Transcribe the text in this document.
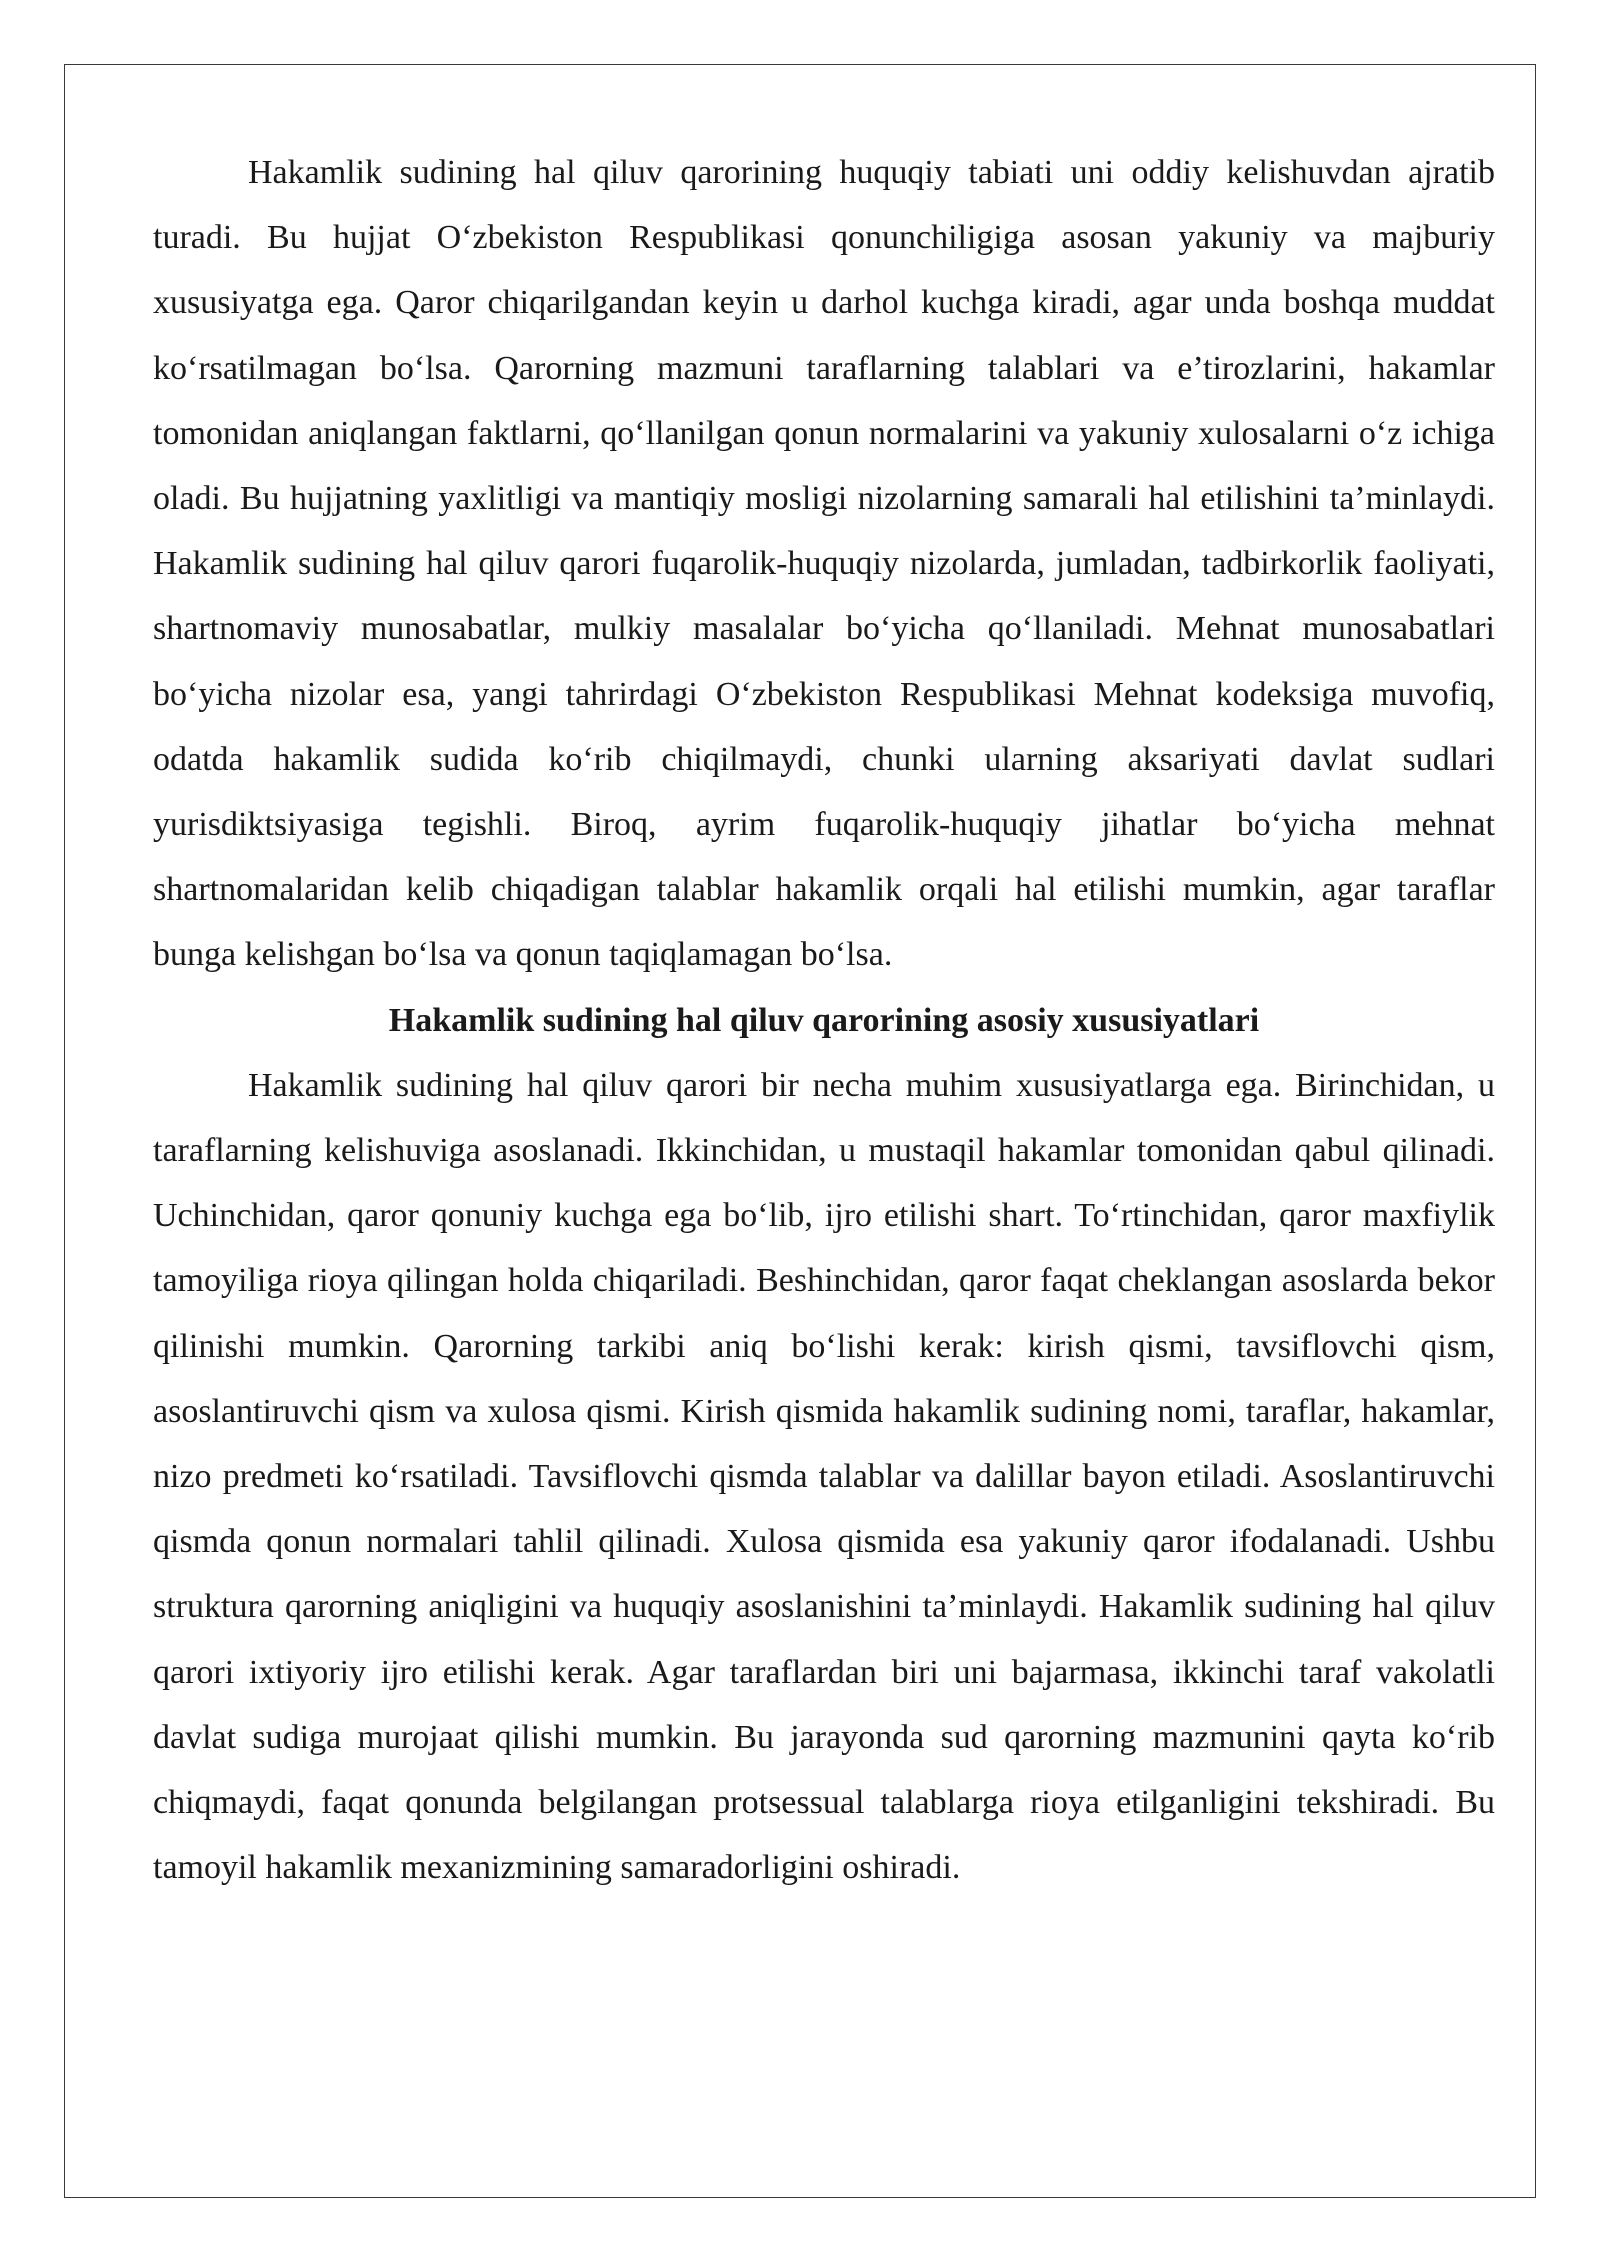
Hakamlik sudining hal qiluv qarorining huquqiy tabiati uni oddiy kelishuvdan ajratib turadi. Bu hujjat O‘zbekiston Respublikasi qonunchiligiga asosan yakuniy va majburiy xususiyatga ega. Qaror chiqarilgandan keyin u darhol kuchga kiradi, agar unda boshqa muddat ko‘rsatilmagan bo‘lsa. Qarorning mazmuni taraflarning talablari va e’tirozlarini, hakamlar tomonidan aniqlangan faktlarni, qo‘llanilgan qonun normalarini va yakuniy xulosalarni o‘z ichiga oladi. Bu hujjatning yaxlitligi va mantiqiy mosligi nizolarning samarali hal etilishini ta’minlaydi. Hakamlik sudining hal qiluv qarori fuqarolik-huquqiy nizolarda, jumladan, tadbirkorlik faoliyati, shartnomaviy munosabatlar, mulkiy masalalar bo‘yicha qo‘llaniladi. Mehnat munosabatlari bo‘yicha nizolar esa, yangi tahrirdagi O‘zbekiston Respublikasi Mehnat kodeksiga muvofiq, odatda hakamlik sudida ko‘rib chiqilmaydi, chunki ularning aksariyati davlat sudlari yurisdiktsiyasiga tegishli. Biroq, ayrim fuqarolik-huquqiy jihatlar bo‘yicha mehnat shartnomalaridan kelib chiqadigan talablar hakamlik orqali hal etilishi mumkin, agar taraflar bunga kelishgan bo‘lsa va qonun taqiqlamagan bo‘lsa.

Hakamlik sudining hal qiluv qarorining asosiy xususiyatlari

Hakamlik sudining hal qiluv qarori bir necha muhim xususiyatlarga ega. Birinchidan, u taraflarning kelishuviga asoslanadi. Ikkinchidan, u mustaqil hakamlar tomonidan qabul qilinadi. Uchinchidan, qaror qonuniy kuchga ega bo‘lib, ijro etilishi shart. To‘rtinchidan, qaror maxfiylik tamoyiliga rioya qilingan holda chiqariladi. Beshinchidan, qaror faqat cheklangan asoslarda bekor qilinishi mumkin. Qarorning tarkibi aniq bo‘lishi kerak: kirish qismi, tavsiflovchi qism, asoslantiruvchi qism va xulosa qismi. Kirish qismida hakamlik sudining nomi, taraflar, hakamlar, nizo predmeti ko‘rsatiladi. Tavsiflovchi qismda talablar va dalillar bayon etiladi. Asoslantiruvchi qismda qonun normalari tahlil qilinadi. Xulosa qismida esa yakuniy qaror ifodalanadi. Ushbu struktura qarorning aniqligini va huquqiy asoslanishini ta’minlaydi. Hakamlik sudining hal qiluv qarori ixtiyoriy ijro etilishi kerak. Agar taraflardan biri uni bajarmasa, ikkinchi taraf vakolatli davlat sudiga murojaat qilishi mumkin. Bu jarayonda sud qarorning mazmunini qayta ko‘rib chiqmaydi, faqat qonunda belgilangan protsessual talablarga rioya etilganligini tekshiradi. Bu tamoyil hakamlik mexanizmining samaradorligini oshiradi.
